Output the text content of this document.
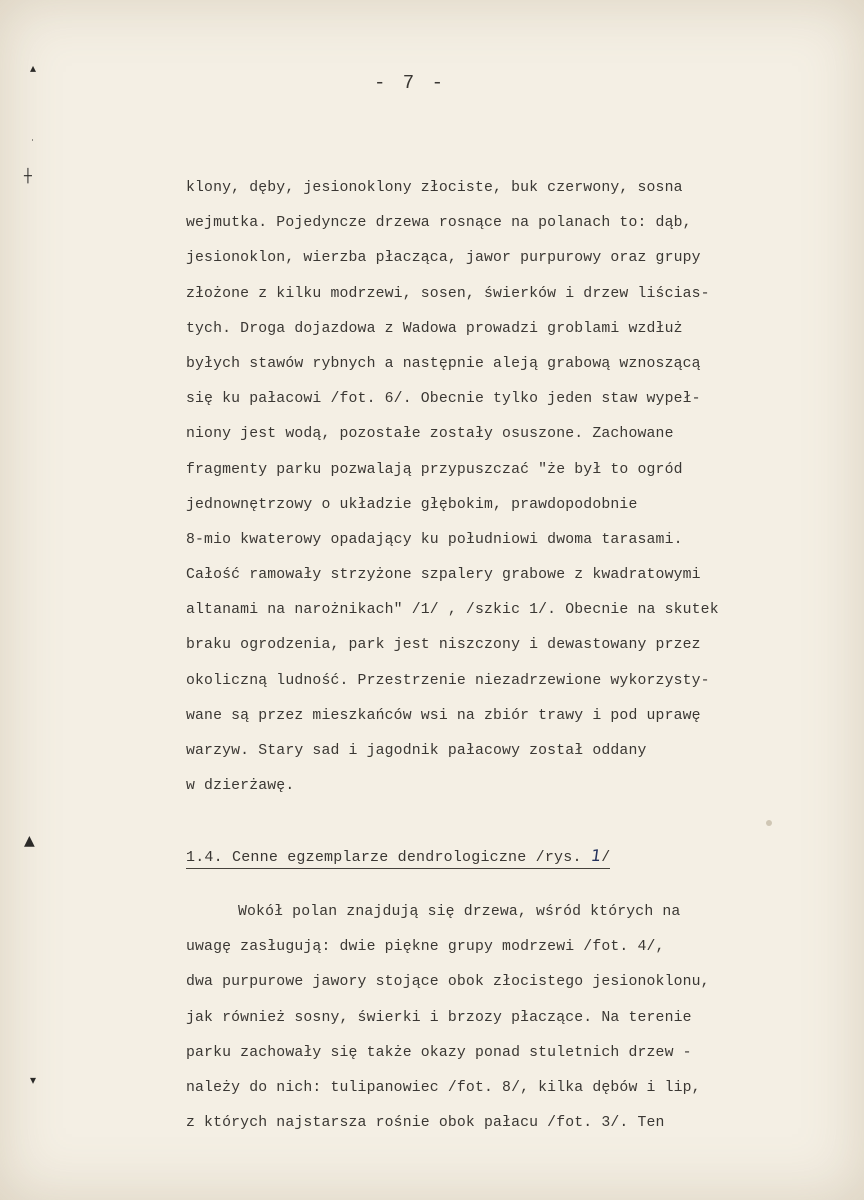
▴
˙
┼
▲
▾
- 7 -
klony, dęby, jesionoklony złociste, buk czerwony, sosna
wejmutka. Pojedyncze drzewa rosnące na polanach to: dąb,
jesionoklon, wierzba płacząca, jawor purpurowy oraz grupy
złożone z kilku modrzewi, sosen, świerków i drzew liścias-
tych. Droga dojazdowa z Wadowa prowadzi groblami wzdłuż
byłych stawów rybnych a następnie aleją grabową wznoszącą
się ku pałacowi /fot. 6/. Obecnie tylko jeden staw wypeł-
niony jest wodą, pozostałe zostały osuszone. Zachowane
fragmenty parku pozwalają przypuszczać "że był to ogród
jednownętrzowy o układzie głębokim, prawdopodobnie
8-mio kwaterowy opadający ku południowi dwoma tarasami.
Całość ramowały strzyżone szpalery grabowe z kwadratowymi
altanami na narożnikach" /1/ , /szkic 1/. Obecnie na skutek
braku ogrodzenia, park jest niszczony i dewastowany przez
okoliczną ludność. Przestrzenie niezadrzewione wykorzysty-
wane są przez mieszkańców wsi na zbiór trawy i pod uprawę
warzyw. Stary sad i jagodnik pałacowy został oddany
w dzierżawę.
1.4. Cenne egzemplarze dendrologiczne /rys. 1/
Wokół polan znajdują się drzewa, wśród których na
uwagę zasługują: dwie piękne grupy modrzewi /fot. 4/,
dwa purpurowe jawory stojące obok złocistego jesionoklonu,
jak również sosny, świerki i brzozy płaczące. Na terenie
parku zachowały się także okazy ponad stuletnich drzew -
należy do nich: tulipanowiec /fot. 8/, kilka dębów i lip,
z których najstarsza rośnie obok pałacu /fot. 3/. Ten
